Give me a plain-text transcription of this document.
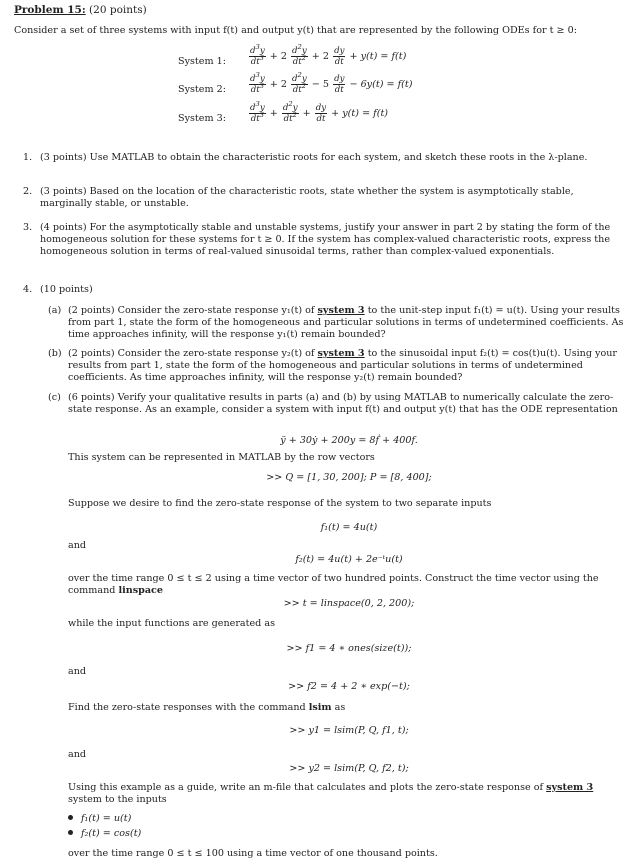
Problem 15: (20 points)
Consider a set of three systems with input f(t) and output y(t) that are represented by the following ODEs for t ≥ 0:
System 1:	$\frac{d^3y}{dt^3} + 2 \frac{d^2y}{dt^2} + 2 \frac{dy}{dt} + y(t) = f(t)$
System 2:	$\frac{d^3y}{dt^3} + 2 \frac{d^2y}{dt^2} - 5 \frac{dy}{dt} - 6y(t) = f(t)$
System 3:	$\frac{d^3y}{dt^3} + \frac{d^2y}{dt^2} + \frac{dy}{dt} + y(t) = f(t)$
1. (3 points) Use MATLAB to obtain the characteristic roots for each system, and sketch these roots in the λ-plane.
2. (3 points) Based on the location of the characteristic roots, state whether the system is asymptotically stable, marginally stable, or unstable.
3. (4 points) For the asymptotically stable and unstable systems, justify your answer in part 2 by stating the form of the homogeneous solution for these systems for t ≥ 0. If the system has complex-valued characteristic roots, express the homogeneous solution in terms of real-valued sinusoidal terms, rather than complex-valued exponentials.
4. (10 points)
(a) (2 points) Consider the zero-state response y₁(t) of system 3 to the unit-step input f₁(t) = u(t). Using your results from part 1, state the form of the homogeneous and particular solutions in terms of undetermined coefficients. As time approaches infinity, will the response y₁(t) remain bounded?
(b) (2 points) Consider the zero-state response y₂(t) of system 3 to the sinusoidal input f₂(t) = cos(t)u(t). Using your results from part 1, state the form of the homogeneous and particular solutions in terms of undetermined coefficients. As time approaches infinity, will the response y₂(t) remain bounded?
(c) (6 points) Verify your qualitative results in parts (a) and (b) by using MATLAB to numerically calculate the zero-state response. As an example, consider a system with input f(t) and output y(t) that has the ODE representation
ÿ + 30ẏ + 200y = 8ḟ + 400f.
This system can be represented in MATLAB by the row vectors
>> Q = [1, 30, 200]; P = [8, 400];
Suppose we desire to find the zero-state response of the system to two separate inputs
f₁(t) = 4u(t)
and
f₂(t) = 4u(t) + 2e⁻ᵗu(t)
over the time range 0 ≤ t ≤ 2 using a time vector of two hundred points. Construct the time vector using the command linspace
>> t = linspace(0, 2, 200);
while the input functions are generated as
>> f1 = 4 ∗ ones(size(t));
and
>> f2 = 4 + 2 ∗ exp(−t);
Find the zero-state responses with the command lsim as
>> y1 = lsim(P, Q, f1, t);
and
>> y2 = lsim(P, Q, f2, t);
Using this example as a guide, write an m-file that calculates and plots the zero-state response of system 3
system to the inputs
f₁(t) = u(t)
f₂(t) = cos(t)
over the time range 0 ≤ t ≤ 100 using a time vector of one thousand points.
